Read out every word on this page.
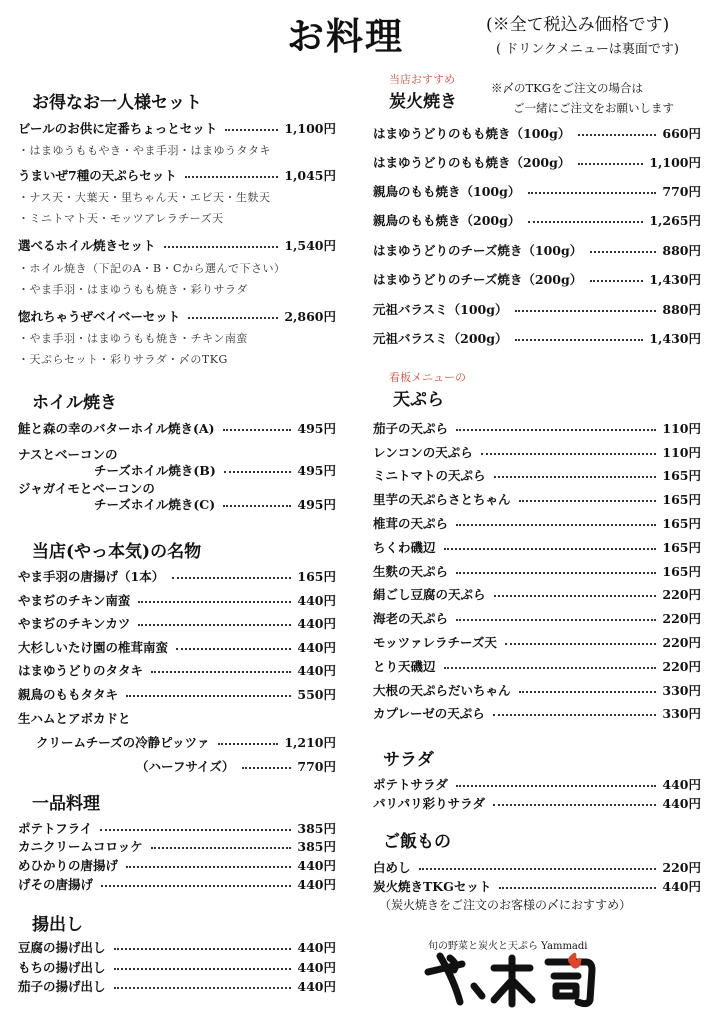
お料理	(※全て税込み価格です)
( ドリンクメニューは裏面です)
お得なお一人様セット
ビールのお供に定番ちょっとセット	1,100円
・はまゆうももやき・やま手羽・はまゆうタタキ
うまいぜ7種の天ぷらセット	1,045円
・ナス天・大葉天・里ちゃん天・エビ天・生麩天
・ミニトマト天・モッツアレラチーズ天
選べるホイル焼きセット	1,540円
・ホイル焼き（下記のA・B・Cから選んで下さい）
・やま手羽・はまゆうもも焼き・彩りサラダ
惚れちゃうぜベイベーセット	2,860円
・やま手羽・はまゆうもも焼き・チキン南蛮
・天ぷらセット・彩りサラダ・〆のTKG
ホイル焼き
鮭と森の幸のバターホイル焼き(A)	495円
ナスとベーコンの
チーズホイル焼き(B)	495円
ジャガイモとベーコンの
チーズホイル焼き(C)	495円
当店(やっ本気)の名物
やま手羽の唐揚げ（1本）	165円
やまぢのチキン南蛮	440円
やまぢのチキンカツ	440円
大杉しいたけ園の椎茸南蛮	440円
はまゆうどりのタタキ	440円
親鳥のももタタキ	550円
生ハムとアボカドと
クリームチーズの冷静ピッツァ	1,210円
（ハーフサイズ）	770円
一品料理
ポテトフライ	385円
カニクリームコロッケ	385円
めひかりの唐揚げ	440円
げその唐揚げ	440円
揚出し
豆腐の揚げ出し	440円
もちの揚げ出し	440円
茄子の揚げ出し	440円
当店おすすめ
炭火焼き
※〆のTKGをご注文の場合は
ご一緒にご注文をお願いします
はまゆうどりのもも焼き（100g）	660円
はまゆうどりのもも焼き（200g）	1,100円
親鳥のもも焼き（100g）	770円
親鳥のもも焼き（200g）	1,265円
はまゆうどりのチーズ焼き（100g）	880円
はまゆうどりのチーズ焼き（200g）	1,430円
元祖バラスミ（100g）	880円
元祖バラスミ（200g）	1,430円
看板メニューの
天ぷら
茄子の天ぷら	110円
レンコンの天ぷら	110円
ミニトマトの天ぷら	165円
里芋の天ぷらさとちゃん	165円
椎茸の天ぷら	165円
ちくわ磯辺	165円
生麩の天ぷら	165円
絹ごし豆腐の天ぷら	220円
海老の天ぷら	220円
モッツァレラチーズ天	220円
とり天磯辺	220円
大根の天ぷらだいちゃん	330円
カプレーゼの天ぷら	330円
サラダ
ポテトサラダ	440円
パリパリ彩りサラダ	440円
ご飯もの
白めし	220円
炭火焼きTKGセット	440円
（炭火焼きをご注文のお客様の〆におすすめ）
旬の野菜と炭火と天ぷら Yammadi
